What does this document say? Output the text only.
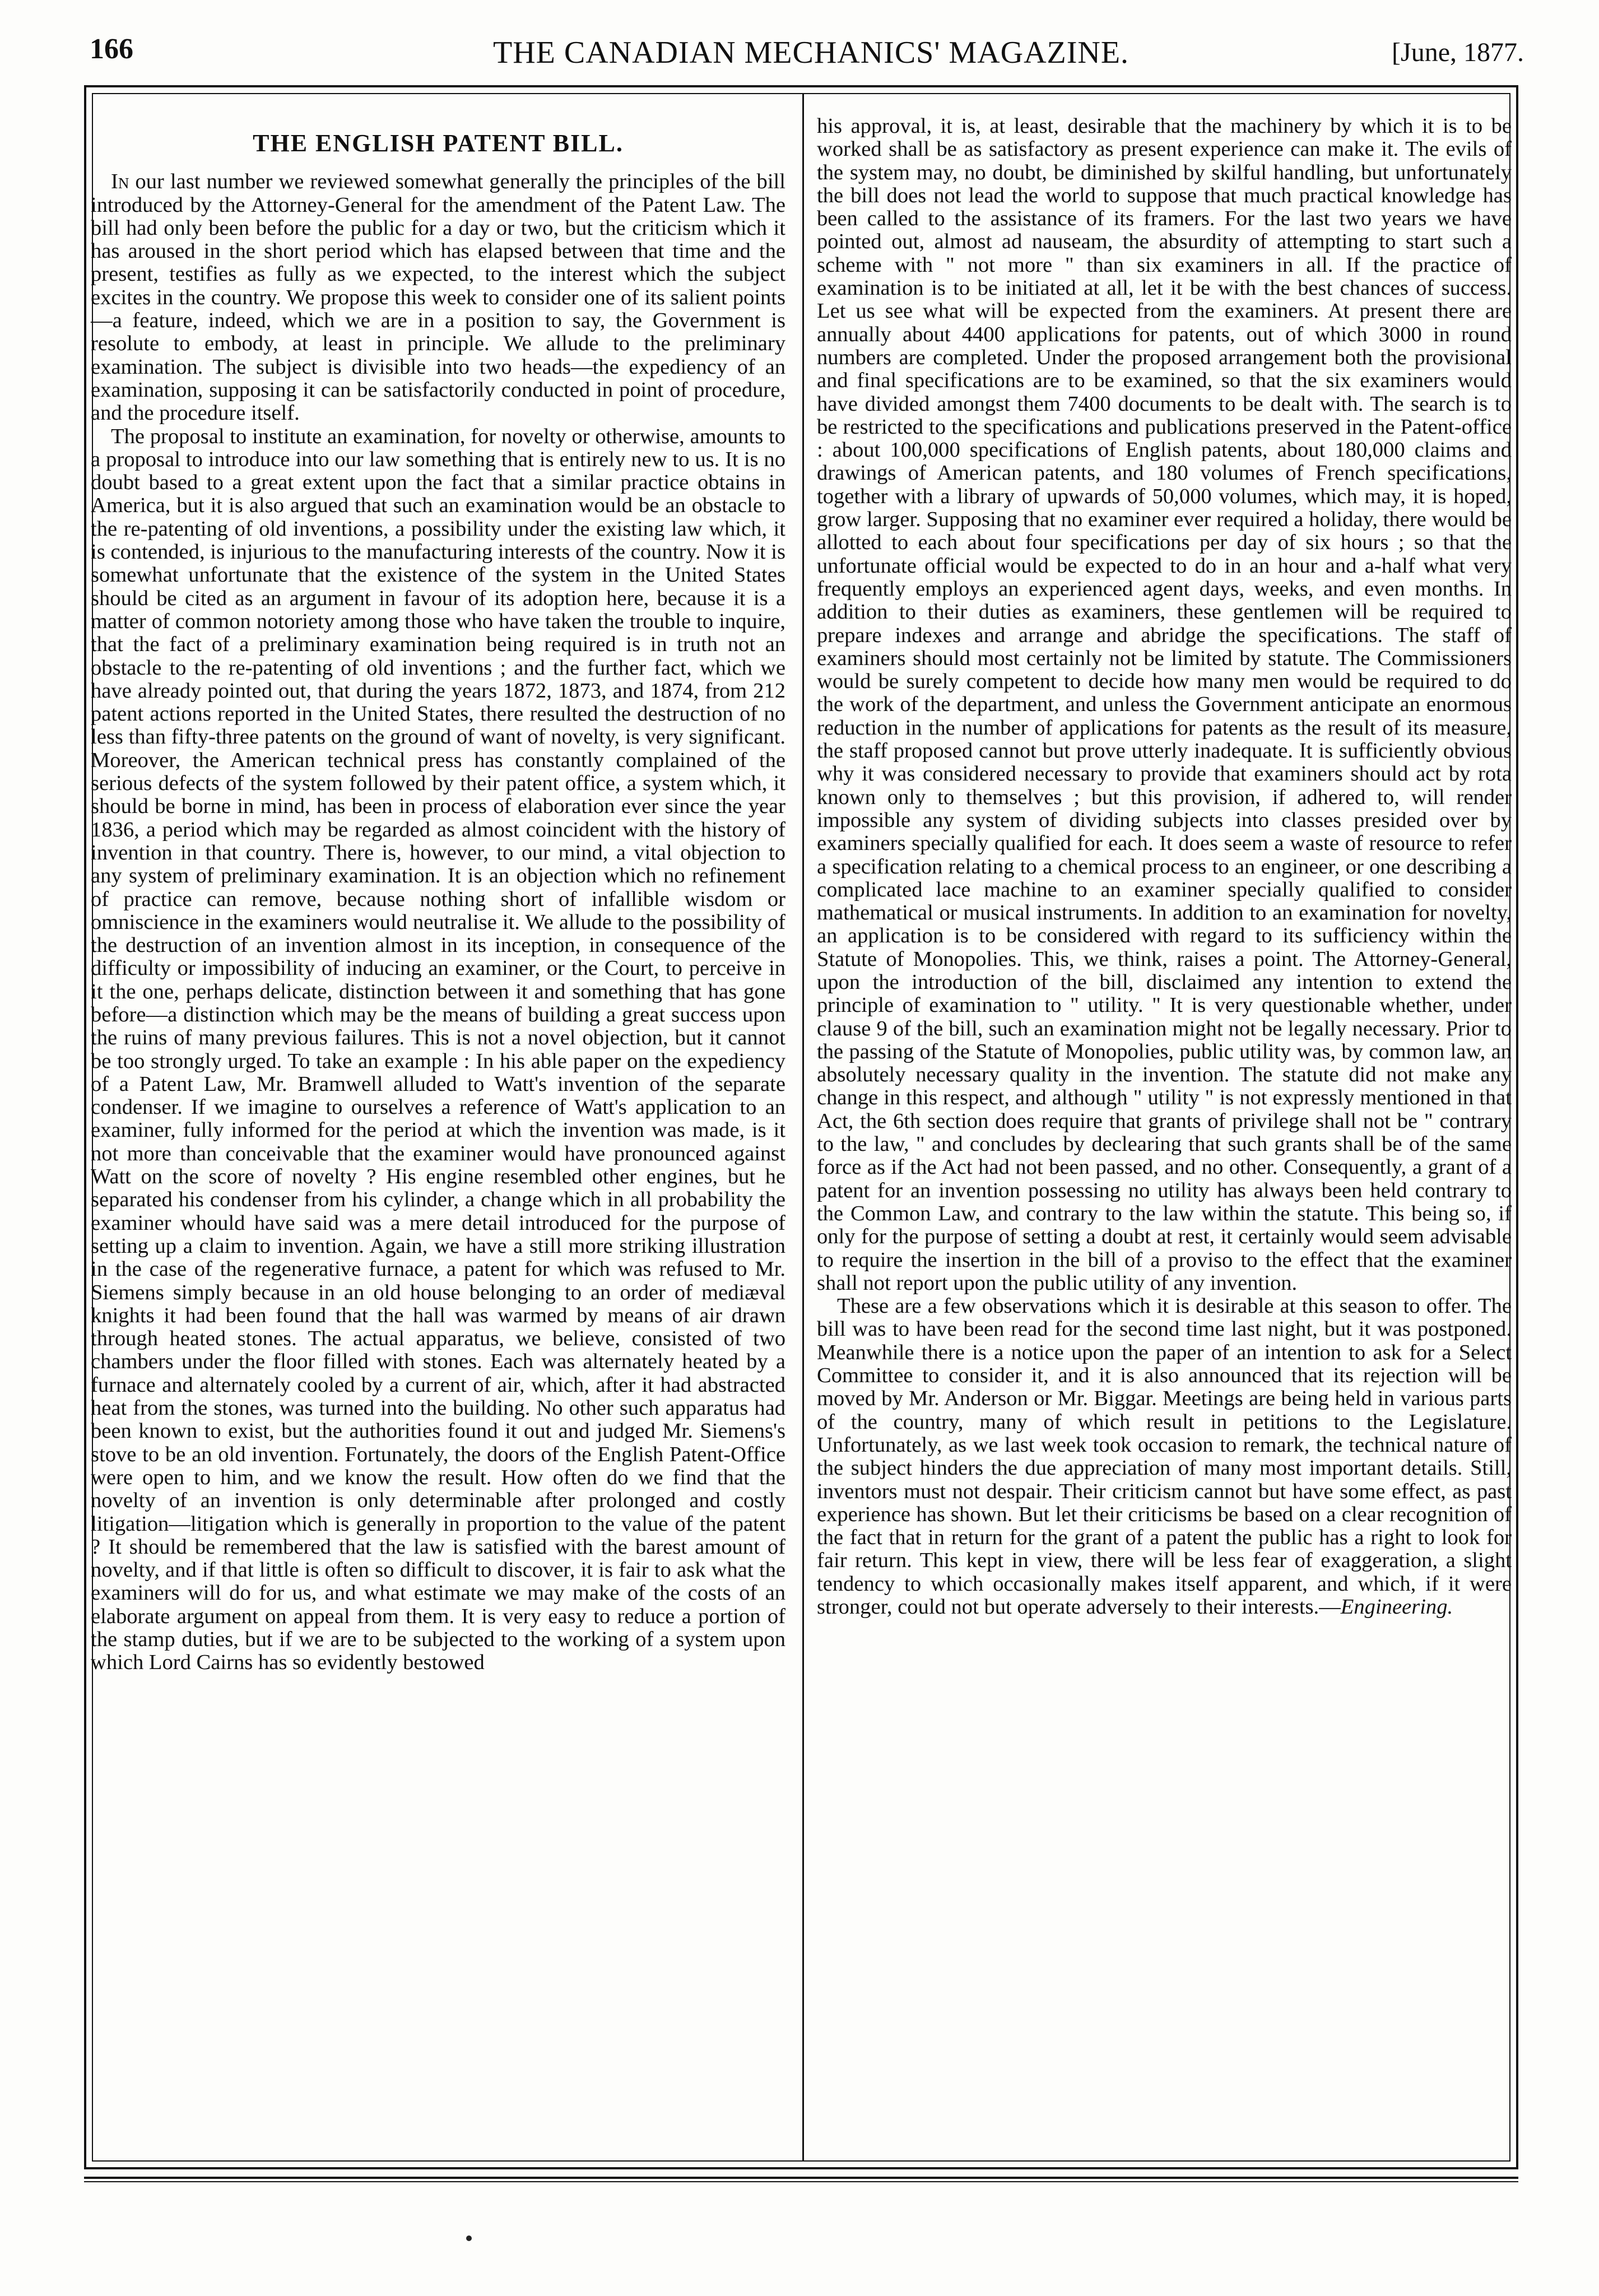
166	THE CANADIAN MECHANICS' MAGAZINE.	[June, 1877.
THE ENGLISH PATENT BILL.

In our last number we reviewed somewhat generally the principles of the bill introduced by the Attorney-General for the amendment of the Patent Law. The bill had only been before the public for a day or two, but the criticism which it has aroused in the short period which has elapsed between that time and the present, testifies as fully as we expected, to the interest which the subject excites in the country. We propose this week to consider one of its salient points—a feature, indeed, which we are in a position to say, the Government is resolute to embody, at least in principle. We allude to the preliminary examination. The subject is divisible into two heads—the expediency of an examination, supposing it can be satisfactorily conducted in point of procedure, and the procedure itself.

The proposal to institute an examination, for novelty or otherwise, amounts to a proposal to introduce into our law something that is entirely new to us. It is no doubt based to a great extent upon the fact that a similar practice obtains in America, but it is also argued that such an examination would be an obstacle to the re-patenting of old inventions, a possibility under the existing law which, it is contended, is injurious to the manufacturing interests of the country. Now it is somewhat unfortunate that the existence of the system in the United States should be cited as an argument in favour of its adoption here, because it is a matter of common notoriety among those who have taken the trouble to inquire, that the fact of a preliminary examination being required is in truth not an obstacle to the re-patenting of old inventions ; and the further fact, which we have already pointed out, that during the years 1872, 1873, and 1874, from 212 patent actions reported in the United States, there resulted the destruction of no less than fifty-three patents on the ground of want of novelty, is very significant. Moreover, the American technical press has constantly complained of the serious defects of the system followed by their patent office, a system which, it should be borne in mind, has been in process of elaboration ever since the year 1836, a period which may be regarded as almost coincident with the history of invention in that country. There is, however, to our mind, a vital objection to any system of preliminary examination. It is an objection which no refinement of practice can remove, because nothing short of infallible wisdom or omniscience in the examiners would neutralise it. We allude to the possibility of the destruction of an invention almost in its inception, in consequence of the difficulty or impossibility of inducing an examiner, or the Court, to perceive in it the one, perhaps delicate, distinction between it and something that has gone before—a distinction which may be the means of building a great success upon the ruins of many previous failures. This is not a novel objection, but it cannot be too strongly urged. To take an example : In his able paper on the expediency of a Patent Law, Mr. Bramwell alluded to Watt's invention of the separate condenser. If we imagine to ourselves a reference of Watt's application to an examiner, fully informed for the period at which the invention was made, is it not more than conceivable that the examiner would have pronounced against Watt on the score of novelty ? His engine resembled other engines, but he separated his condenser from his cylinder, a change which in all probability the examiner whould have said was a mere detail introduced for the purpose of setting up a claim to invention. Again, we have a still more striking illustration in the case of the regenerative furnace, a patent for which was refused to Mr. Siemens simply because in an old house belonging to an order of mediæval knights it had been found that the hall was warmed by means of air drawn through heated stones. The actual apparatus, we believe, consisted of two chambers under the floor filled with stones. Each was alternately heated by a furnace and alternately cooled by a current of air, which, after it had abstracted heat from the stones, was turned into the building. No other such apparatus had been known to exist, but the authorities found it out and judged Mr. Siemens's stove to be an old invention. Fortunately, the doors of the English Patent-Office were open to him, and we know the result. How often do we find that the novelty of an invention is only determinable after prolonged and costly litigation—litigation which is generally in proportion to the value of the patent ? It should be remembered that the law is satisfied with the barest amount of novelty, and if that little is often so difficult to discover, it is fair to ask what the examiners will do for us, and what estimate we may make of the costs of an elaborate argument on appeal from them. It is very easy to reduce a portion of the stamp duties, but if we are to be subjected to the working of a system upon which Lord Cairns has so evidently bestowed

his approval, it is, at least, desirable that the machinery by which it is to be worked shall be as satisfactory as present experience can make it. The evils of the system may, no doubt, be diminished by skilful handling, but unfortunately the bill does not lead the world to suppose that much practical knowledge has been called to the assistance of its framers. For the last two years we have pointed out, almost ad nauseam, the absurdity of attempting to start such a scheme with " not more " than six examiners in all. If the practice of examination is to be initiated at all, let it be with the best chances of success. Let us see what will be expected from the examiners. At present there are annually about 4400 applications for patents, out of which 3000 in round numbers are completed. Under the proposed arrangement both the provisional and final specifications are to be examined, so that the six examiners would have divided amongst them 7400 documents to be dealt with. The search is to be restricted to the specifications and publications preserved in the Patent-office : about 100,000 specifications of English patents, about 180,000 claims and drawings of American patents, and 180 volumes of French specifications, together with a library of upwards of 50,000 volumes, which may, it is hoped, grow larger. Supposing that no examiner ever required a holiday, there would be allotted to each about four specifications per day of six hours ; so that the unfortunate official would be expected to do in an hour and a-half what very frequently employs an experienced agent days, weeks, and even months. In addition to their duties as examiners, these gentlemen will be required to prepare indexes and arrange and abridge the specifications. The staff of examiners should most certainly not be limited by statute. The Commissioners would be surely competent to decide how many men would be required to do the work of the department, and unless the Government anticipate an enormous reduction in the number of applications for patents as the result of its measure, the staff proposed cannot but prove utterly inadequate. It is sufficiently obvious why it was considered necessary to provide that examiners should act by rota known only to themselves ; but this provision, if adhered to, will render impossible any system of dividing subjects into classes presided over by examiners specially qualified for each. It does seem a waste of resource to refer a specification relating to a chemical process to an engineer, or one describing a complicated lace machine to an examiner specially qualified to consider mathematical or musical instruments. In addition to an examination for novelty, an application is to be considered with regard to its sufficiency within the Statute of Monopolies. This, we think, raises a point. The Attorney-General, upon the introduction of the bill, disclaimed any intention to extend the principle of examination to " utility. " It is very questionable whether, under clause 9 of the bill, such an examination might not be legally necessary. Prior to the passing of the Statute of Monopolies, public utility was, by common law, an absolutely necessary quality in the invention. The statute did not make any change in this respect, and although " utility " is not expressly mentioned in that Act, the 6th section does require that grants of privilege shall not be " contrary to the law, " and concludes by declearing that such grants shall be of the same force as if the Act had not been passed, and no other. Consequently, a grant of a patent for an invention possessing no utility has always been held contrary to the Common Law, and contrary to the law within the statute. This being so, if only for the purpose of setting a doubt at rest, it certainly would seem advisable to require the insertion in the bill of a proviso to the effect that the examiner shall not report upon the public utility of any invention.

These are a few observations which it is desirable at this season to offer. The bill was to have been read for the second time last night, but it was postponed. Meanwhile there is a notice upon the paper of an intention to ask for a Select Committee to consider it, and it is also announced that its rejection will be moved by Mr. Anderson or Mr. Biggar. Meetings are being held in various parts of the country, many of which result in petitions to the Legislature. Unfortunately, as we last week took occasion to remark, the technical nature of the subject hinders the due appreciation of many most important details. Still, inventors must not despair. Their criticism cannot but have some effect, as past experience has shown. But let their criticisms be based on a clear recognition of the fact that in return for the grant of a patent the public has a right to look for fair return. This kept in view, there will be less fear of exaggeration, a slight tendency to which occasionally makes itself apparent, and which, if it were stronger, could not but operate adversely to their interests.—Engineering.
